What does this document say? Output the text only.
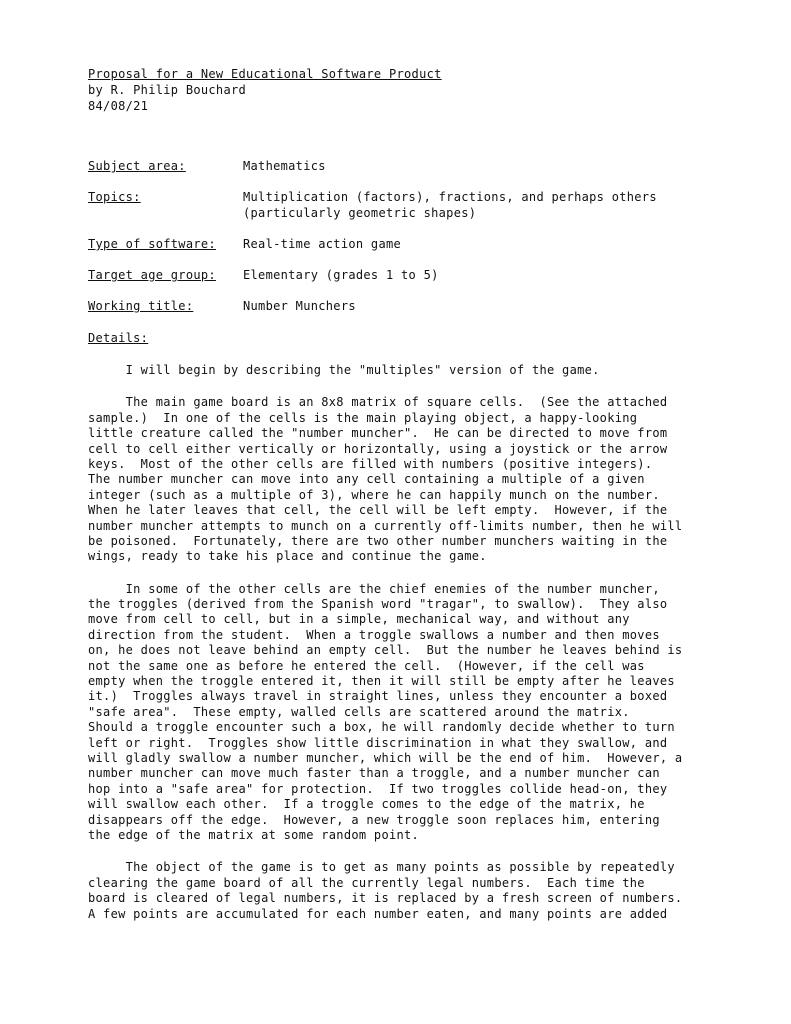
Proposal for a New Educational Software Product
by R. Philip Bouchard
84/08/21
Subject area:	Mathematics
Topics:	Multiplication (factors), fractions, and perhaps others
(particularly geometric shapes)
Type of software:	Real-time action game
Target age group:	Elementary (grades 1 to 5)
Working title:	Number Munchers
Details:
I will begin by describing the "multiples" version of the game.
The main game board is an 8x8 matrix of square cells.  (See the attached
sample.)  In one of the cells is the main playing object, a happy-looking
little creature called the "number muncher".  He can be directed to move from
cell to cell either vertically or horizontally, using a joystick or the arrow
keys.  Most of the other cells are filled with numbers (positive integers).
The number muncher can move into any cell containing a multiple of a given
integer (such as a multiple of 3), where he can happily munch on the number.
When he later leaves that cell, the cell will be left empty.  However, if the
number muncher attempts to munch on a currently off-limits number, then he will
be poisoned.  Fortunately, there are two other number munchers waiting in the
wings, ready to take his place and continue the game.
In some of the other cells are the chief enemies of the number muncher,
the troggles (derived from the Spanish word "tragar", to swallow).  They also
move from cell to cell, but in a simple, mechanical way, and without any
direction from the student.  When a troggle swallows a number and then moves
on, he does not leave behind an empty cell.  But the number he leaves behind is
not the same one as before he entered the cell.  (However, if the cell was
empty when the troggle entered it, then it will still be empty after he leaves
it.)  Troggles always travel in straight lines, unless they encounter a boxed
"safe area".  These empty, walled cells are scattered around the matrix.
Should a troggle encounter such a box, he will randomly decide whether to turn
left or right.  Troggles show little discrimination in what they swallow, and
will gladly swallow a number muncher, which will be the end of him.  However, a
number muncher can move much faster than a troggle, and a number muncher can
hop into a "safe area" for protection.  If two troggles collide head-on, they
will swallow each other.  If a troggle comes to the edge of the matrix, he
disappears off the edge.  However, a new troggle soon replaces him, entering
the edge of the matrix at some random point.
The object of the game is to get as many points as possible by repeatedly
clearing the game board of all the currently legal numbers.  Each time the
board is cleared of legal numbers, it is replaced by a fresh screen of numbers.
A few points are accumulated for each number eaten, and many points are added
